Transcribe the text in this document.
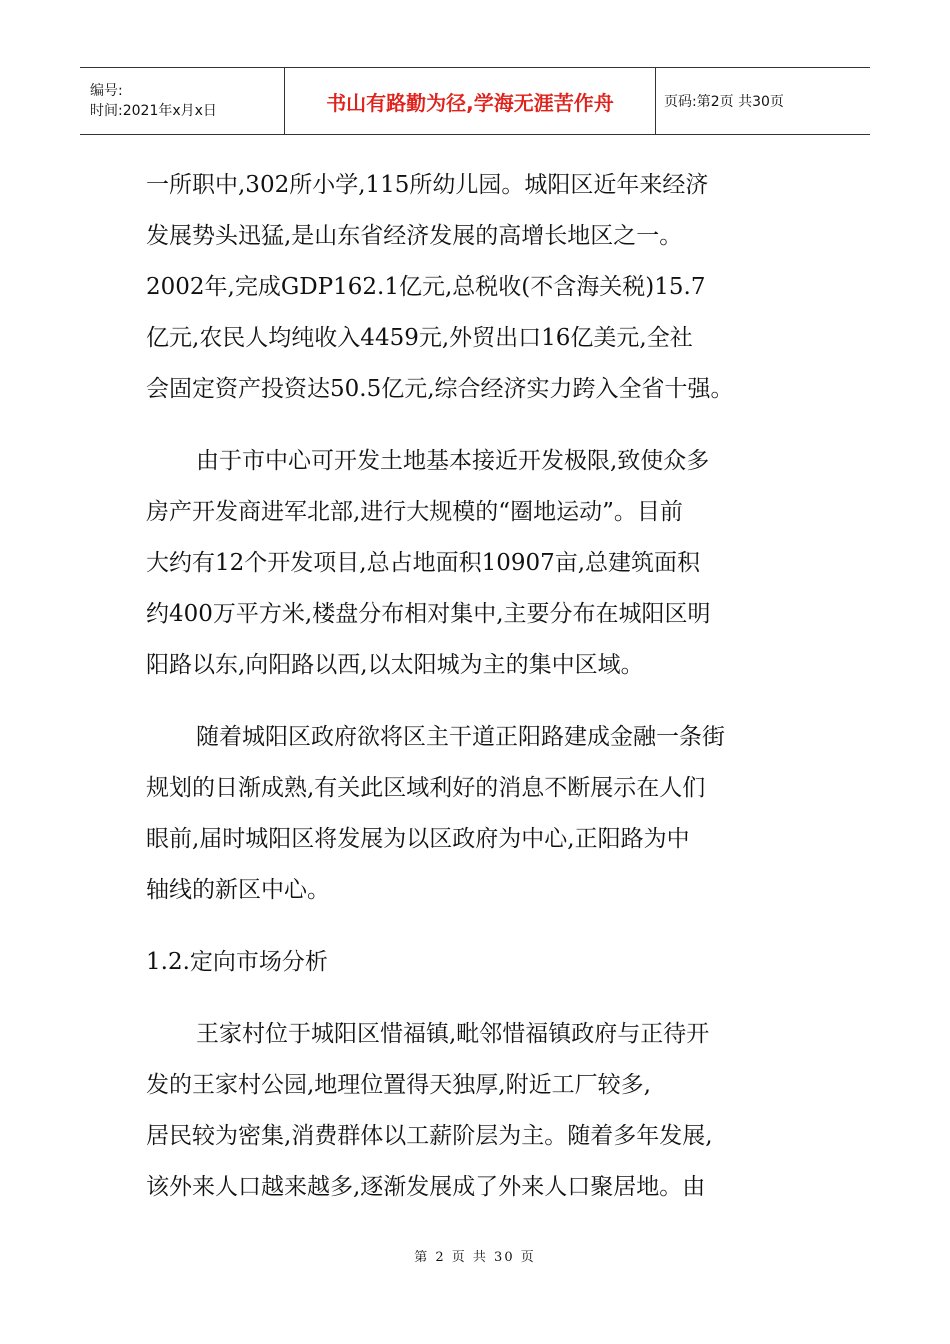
编号:
时间:2021年x月x日	书山有路勤为径,学海无涯苦作舟	页码:第2页 共30页

一所职中,302所小学,115所幼儿园。城阳区近年来经济
发展势头迅猛,是山东省经济发展的高增长地区之一。
2002年,完成GDP162.1亿元,总税收(不含海关税)15.7
亿元,农民人均纯收入4459元,外贸出口16亿美元,全社
会固定资产投资达50.5亿元,综合经济实力跨入全省十强。

由于市中心可开发土地基本接近开发极限,致使众多
房产开发商进军北部,进行大规模的“圈地运动”。目前
大约有12个开发项目,总占地面积10907亩,总建筑面积
约400万平方米,楼盘分布相对集中,主要分布在城阳区明
阳路以东,向阳路以西,以太阳城为主的集中区域。

随着城阳区政府欲将区主干道正阳路建成金融一条街
规划的日渐成熟,有关此区域利好的消息不断展示在人们
眼前,届时城阳区将发展为以区政府为中心,正阳路为中
轴线的新区中心。

1.2.定向市场分析

王家村位于城阳区惜福镇,毗邻惜福镇政府与正待开
发的王家村公园,地理位置得天独厚,附近工厂较多,
居民较为密集,消费群体以工薪阶层为主。随着多年发展,
该外来人口越来越多,逐渐发展成了外来人口聚居地。由

第 2 页 共 30 页
